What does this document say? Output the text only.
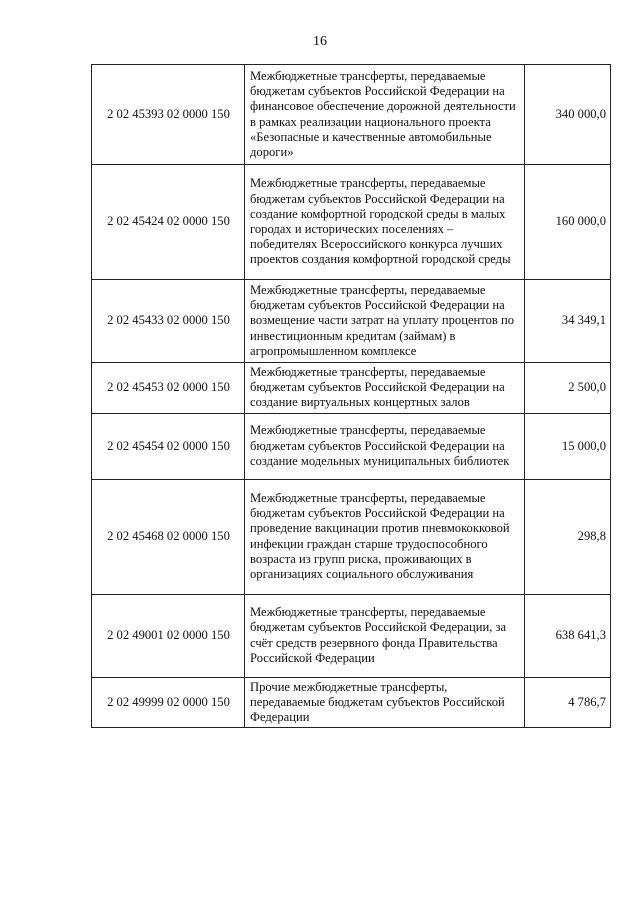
16
2 02 45393 02 0000 150	Межбюджетные трансферты, передаваемые бюджетам субъектов Российской Федерации на финансовое обеспечение дорожной деятельности в рамках реализации национального проекта «Безопасные и качественные автомобильные дороги»	340 000,0
2 02 45424 02 0000 150	Межбюджетные трансферты, передаваемые бюджетам субъектов Российской Федерации на создание комфортной городской среды в малых городах и исторических поселениях – победителях Всероссийского конкурса лучших проектов создания комфортной городской среды	160 000,0
2 02 45433 02 0000 150	Межбюджетные трансферты, передаваемые бюджетам субъектов Российской Федерации на возмещение части затрат на уплату процентов по инвестиционным кредитам (займам) в агропромышленном комплексе	34 349,1
2 02 45453 02 0000 150	Межбюджетные трансферты, передаваемые бюджетам субъектов Российской Федерации на создание виртуальных концертных залов	2 500,0
2 02 45454 02 0000 150	Межбюджетные трансферты, передаваемые бюджетам субъектов Российской Федерации на создание модельных муниципальных библиотек	15 000,0
2 02 45468 02 0000 150	Межбюджетные трансферты, передаваемые бюджетам субъектов Российской Федерации на проведение вакцинации против пневмококковой инфекции граждан старше трудоспособного возраста из групп риска, проживающих в организациях социального обслуживания	298,8
2 02 49001 02 0000 150	Межбюджетные трансферты, передаваемые бюджетам субъектов Российской Федерации, за счёт средств резервного фонда Правительства Российской Федерации	638 641,3
2 02 49999 02 0000 150	Прочие межбюджетные трансферты, передаваемые бюджетам субъектов Российской Федерации	4 786,7
